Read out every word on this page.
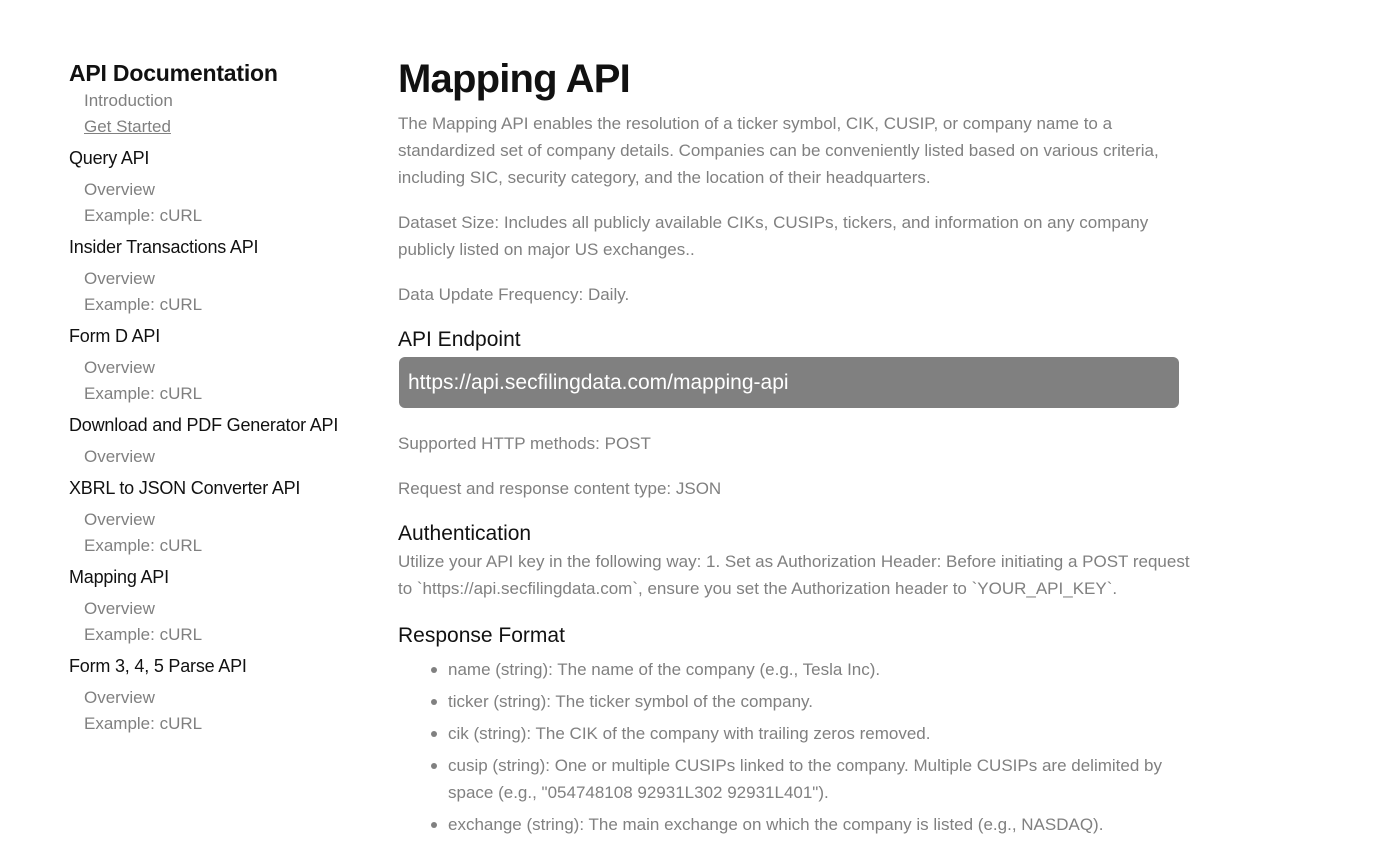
API Documentation
Introduction
Get Started
Query API
Overview
Example: cURL
Insider Transactions API
Overview
Example: cURL
Form D API
Overview
Example: cURL
Download and PDF Generator API
Overview
XBRL to JSON Converter API
Overview
Example: cURL
Mapping API
Overview
Example: cURL
Form 3, 4, 5 Parse API
Overview
Example: cURL
Mapping API

The Mapping API enables the resolution of a ticker symbol, CIK, CUSIP, or company name to a standardized set of company details. Companies can be conveniently listed based on various criteria, including SIC, security category, and the location of their headquarters.

Dataset Size: Includes all publicly available CIKs, CUSIPs, tickers, and information on any company publicly listed on major US exchanges..

Data Update Frequency: Daily.

API Endpoint
https://api.secfilingdata.com/mapping-api

Supported HTTP methods: POST

Request and response content type: JSON

Authentication

Utilize your API key in the following way: 1. Set as Authorization Header: Before initiating a POST request to `https://api.secfilingdata.com`, ensure you set the Authorization header to `YOUR_API_KEY`.

Response Format
name (string): The name of the company (e.g., Tesla Inc).
ticker (string): The ticker symbol of the company.
cik (string): The CIK of the company with trailing zeros removed.
cusip (string): One or multiple CUSIPs linked to the company. Multiple CUSIPs are delimited by space (e.g., "054748108 92931L302 92931L401").
exchange (string): The main exchange on which the company is listed (e.g., NASDAQ).
